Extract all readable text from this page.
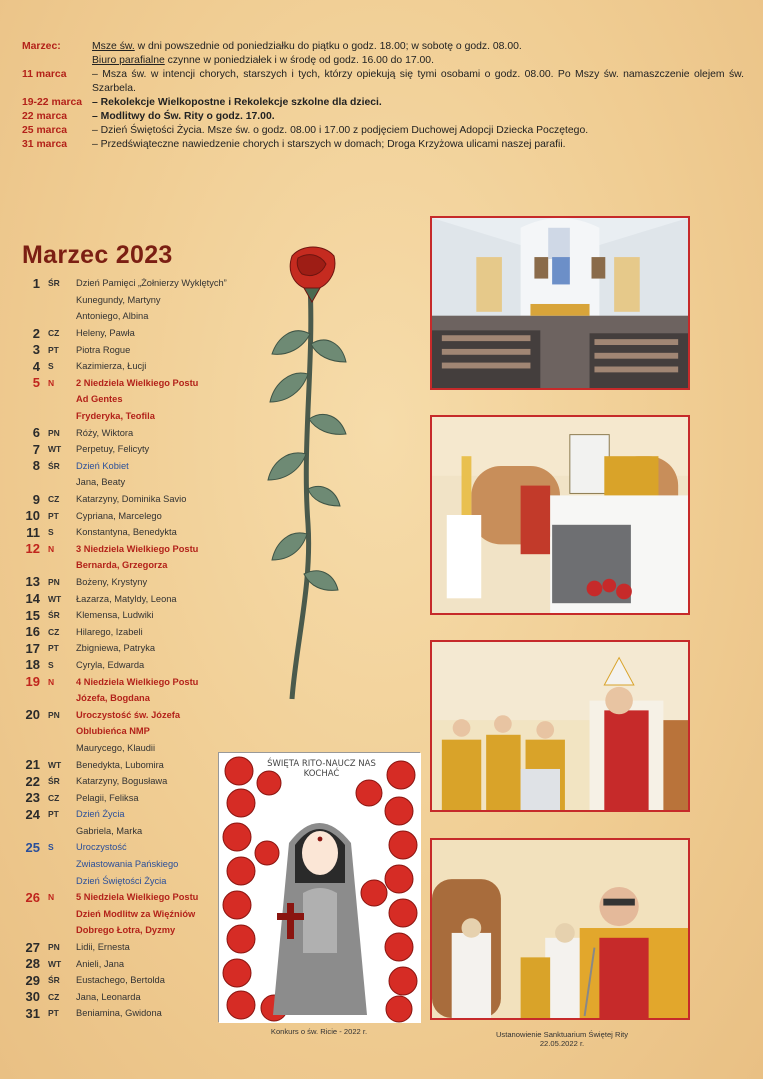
Marzec:	Msze św. w dni powszednie od poniedziałku do piątku o godz. 18.00; w sobotę o godz. 08.00.
Biuro parafialne czynne w poniedziałek i w środę od godz. 16.00 do 17.00.
11 marca	– Msza św. w intencji chorych, starszych i tych, którzy opiekują się tymi osobami o godz. 08.00. Po Mszy św. namaszczenie olejem św. Szarbela.
19-22 marca – Rekolekcje Wielkopostne i Rekolekcje szkolne dla dzieci.
22 marca	– Modlitwy do Św. Rity o godz. 17.00.
25 marca	– Dzień Świętości Życia. Msze św. o godz. 08.00 i 17.00 z podjęciem Duchowej Adopcji Dziecka Poczętego.
31 marca	– Przedświąteczne nawiedzenie chorych i starszych w domach; Droga Krzyżowa ulicami naszej parafii.
Marzec 2023
1 ŚR	Dzień Pamięci „Żołnierzy Wyklętych”
Kunegundy, Martyny
Antoniego, Albina
2 CZ	Heleny, Pawła
3 PT	Piotra Rogue
4 S	Kazimierza, Łucji
5 N	2 Niedziela Wielkiego Postu
Ad Gentes
Fryderyka, Teofila
6 PN	Róży, Wiktora
7 WT	Perpetuy, Felicyty
8 ŚR	Dzień Kobiet
Jana, Beaty
9 CZ	Katarzyny, Dominika Savio
10 PT	Cypriana, Marcelego
11 S	Konstantyna, Benedykta
12 N	3 Niedziela Wielkiego Postu
Bernarda, Grzegorza
13 PN	Bożeny, Krystyny
14 WT	Łazarza, Matyldy, Leona
15 ŚR	Klemensa, Ludwiki
16 CZ	Hilarego, Izabeli
17 PT	Zbigniewa, Patryka
18 S	Cyryla, Edwarda
19 N	4 Niedziela Wielkiego Postu
Józefa, Bogdana
20 PN	Uroczystość św. Józefa
Oblubieńca NMP
Maurycego, Klaudii
21 WT	Benedykta, Lubomira
22 ŚR	Katarzyny, Bogusława
23 CZ	Pelagii, Feliksa
24 PT	Dzień Życia
Gabriela, Marka
25 S	Uroczystość
Zwiastowania Pańskiego
Dzień Świętości Życia
26 N	5 Niedziela Wielkiego Postu
Dzień Modlitw za Więźniów
Dobrego Łotra, Dyzmy
27 PN	Lidii, Ernesta
28 WT	Anieli, Jana
29 ŚR	Eustachego, Bertolda
30 CZ	Jana, Leonarda
31 PT	Beniamina, Gwidona
ŚWIĘTA RITO-NAUCZ NAS KOCHAĆ
Konkurs o św. Ricie - 2022 r.	Ustanowienie Sanktuarium Świętej Rity
22.05.2022 r.
